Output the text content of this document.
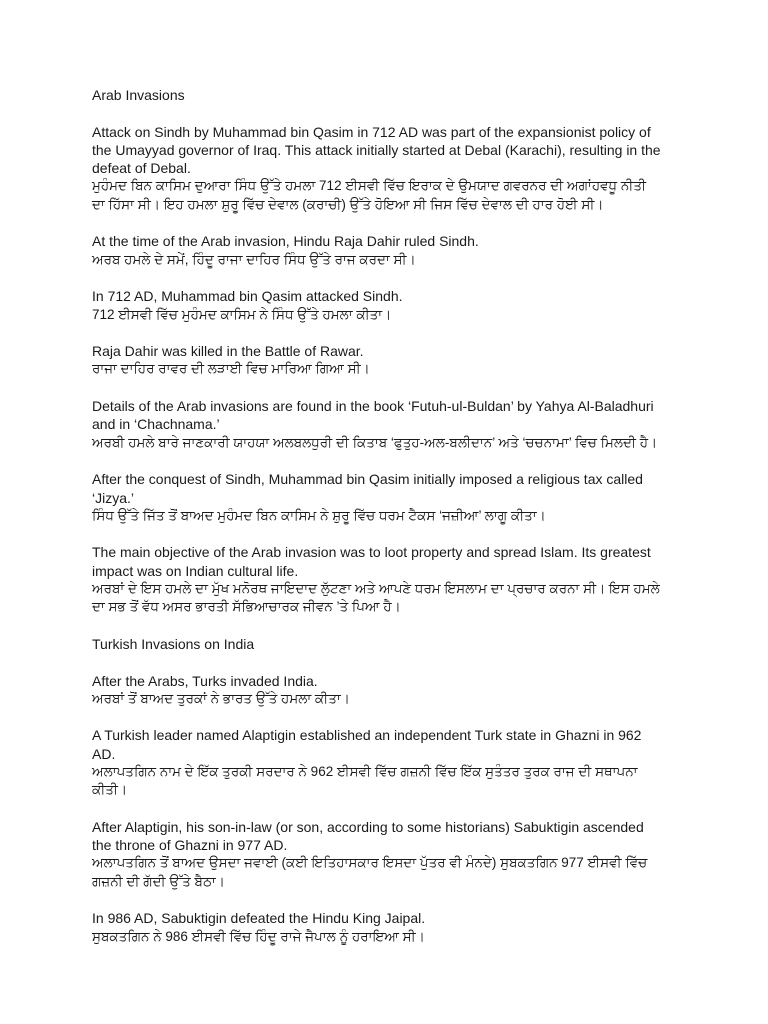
Arab Invasions
Attack on Sindh by Muhammad bin Qasim in 712 AD was part of the expansionist policy of
the Umayyad governor of Iraq. This attack initially started at Debal (Karachi), resulting in the
defeat of Debal.
ਮੁਹੰਮਦ ਬਿਨ ਕਾਸਿਮ ਦੁਆਰਾ ਸਿੰਧ ਉੱਤੇ ਹਮਲਾ 712 ਈਸਵੀ ਵਿੱਚ ਇਰਾਕ ਦੇ ਉਮਯਾਦ ਗਵਰਨਰ ਦੀ ਅਗਾਂਹਵਧੂ ਨੀਤੀ
ਦਾ ਹਿੱਸਾ ਸੀ। ਇਹ ਹਮਲਾ ਸ਼ੁਰੂ ਵਿੱਚ ਦੇਵਾਲ (ਕਰਾਚੀ) ਉੱਤੇ ਹੋਇਆ ਸੀ ਜਿਸ ਵਿੱਚ ਦੇਵਾਲ ਦੀ ਹਾਰ ਹੋਈ ਸੀ।
At the time of the Arab invasion, Hindu Raja Dahir ruled Sindh.
ਅਰਬ ਹਮਲੇ ਦੇ ਸਮੇਂ, ਹਿੰਦੂ ਰਾਜਾ ਦਾਹਿਰ ਸਿੰਧ ਉੱਤੇ ਰਾਜ ਕਰਦਾ ਸੀ।
In 712 AD, Muhammad bin Qasim attacked Sindh.
712 ਈਸਵੀ ਵਿੱਚ ਮੁਹੰਮਦ ਕਾਸਿਮ ਨੇ ਸਿੰਧ ਉੱਤੇ ਹਮਲਾ ਕੀਤਾ।
Raja Dahir was killed in the Battle of Rawar.
ਰਾਜਾ ਦਾਹਿਰ ਰਾਵਰ ਦੀ ਲੜਾਈ ਵਿਚ ਮਾਰਿਆ ਗਿਆ ਸੀ।
Details of the Arab invasions are found in the book ‘Futuh-ul-Buldan’ by Yahya Al-Baladhuri
and in ‘Chachnama.’
ਅਰਬੀ ਹਮਲੇ ਬਾਰੇ ਜਾਣਕਾਰੀ ਯਾਹਯਾ ਅਲਬਲਧੁਰੀ ਦੀ ਕਿਤਾਬ ‘ਫੁਤੁਹ-ਅਲ-ਬਲੀਦਾਨ’ ਅਤੇ ‘ਚਚਨਾਮਾ’ ਵਿਚ ਮਿਲਦੀ ਹੈ।
After the conquest of Sindh, Muhammad bin Qasim initially imposed a religious tax called
‘Jizya.’
ਸਿੰਧ ਉੱਤੇ ਜਿੱਤ ਤੋਂ ਬਾਅਦ ਮੁਹੰਮਦ ਬਿਨ ਕਾਸਿਮ ਨੇ ਸ਼ੁਰੂ ਵਿੱਚ ਧਰਮ ਟੈਕਸ ‘ਜਜ਼ੀਆ’ ਲਾਗੂ ਕੀਤਾ।
The main objective of the Arab invasion was to loot property and spread Islam. Its greatest
impact was on Indian cultural life.
ਅਰਬਾਂ ਦੇ ਇਸ ਹਮਲੇ ਦਾ ਮੁੱਖ ਮਨੋਰਥ ਜਾਇਦਾਦ ਲੁੱਟਣਾ ਅਤੇ ਆਪਣੇ ਧਰਮ ਇਸਲਾਮ ਦਾ ਪ੍ਰਚਾਰ ਕਰਨਾ ਸੀ। ਇਸ ਹਮਲੇ
ਦਾ ਸਭ ਤੋਂ ਵੱਧ ਅਸਰ ਭਾਰਤੀ ਸੱਭਿਆਚਾਰਕ ਜੀਵਨ ’ਤੇ ਪਿਆ ਹੈ।
Turkish Invasions on India
After the Arabs, Turks invaded India.
ਅਰਬਾਂ ਤੋਂ ਬਾਅਦ ਤੁਰਕਾਂ ਨੇ ਭਾਰਤ ਉੱਤੇ ਹਮਲਾ ਕੀਤਾ।
A Turkish leader named Alaptigin established an independent Turk state in Ghazni in 962
AD.
ਅਲਾਪਤਗਿਨ ਨਾਮ ਦੇ ਇੱਕ ਤੁਰਕੀ ਸਰਦਾਰ ਨੇ 962 ਈਸਵੀ ਵਿੱਚ ਗਜ਼ਨੀ ਵਿੱਚ ਇੱਕ ਸੁਤੰਤਰ ਤੁਰਕ ਰਾਜ ਦੀ ਸਥਾਪਨਾ
ਕੀਤੀ।
After Alaptigin, his son-in-law (or son, according to some historians) Sabuktigin ascended
the throne of Ghazni in 977 AD.
ਅਲਾਪਤਗਿਨ ਤੋਂ ਬਾਅਦ ਉਸਦਾ ਜਵਾਈ (ਕਈ ਇਤਿਹਾਸਕਾਰ ਇਸਦਾ ਪੁੱਤਰ ਵੀ ਮੰਨਦੇ) ਸੁਬਕਤਗਿਨ 977 ਈਸਵੀ ਵਿੱਚ
ਗਜ਼ਨੀ ਦੀ ਗੱਦੀ ਉੱਤੇ ਬੈਠਾ।
In 986 AD, Sabuktigin defeated the Hindu King Jaipal.
ਸੁਬਕਤਗਿਨ ਨੇ 986 ਈਸਵੀ ਵਿੱਚ ਹਿੰਦੂ ਰਾਜੇ ਜੈਪਾਲ ਨੂੰ ਹਰਾਇਆ ਸੀ।
